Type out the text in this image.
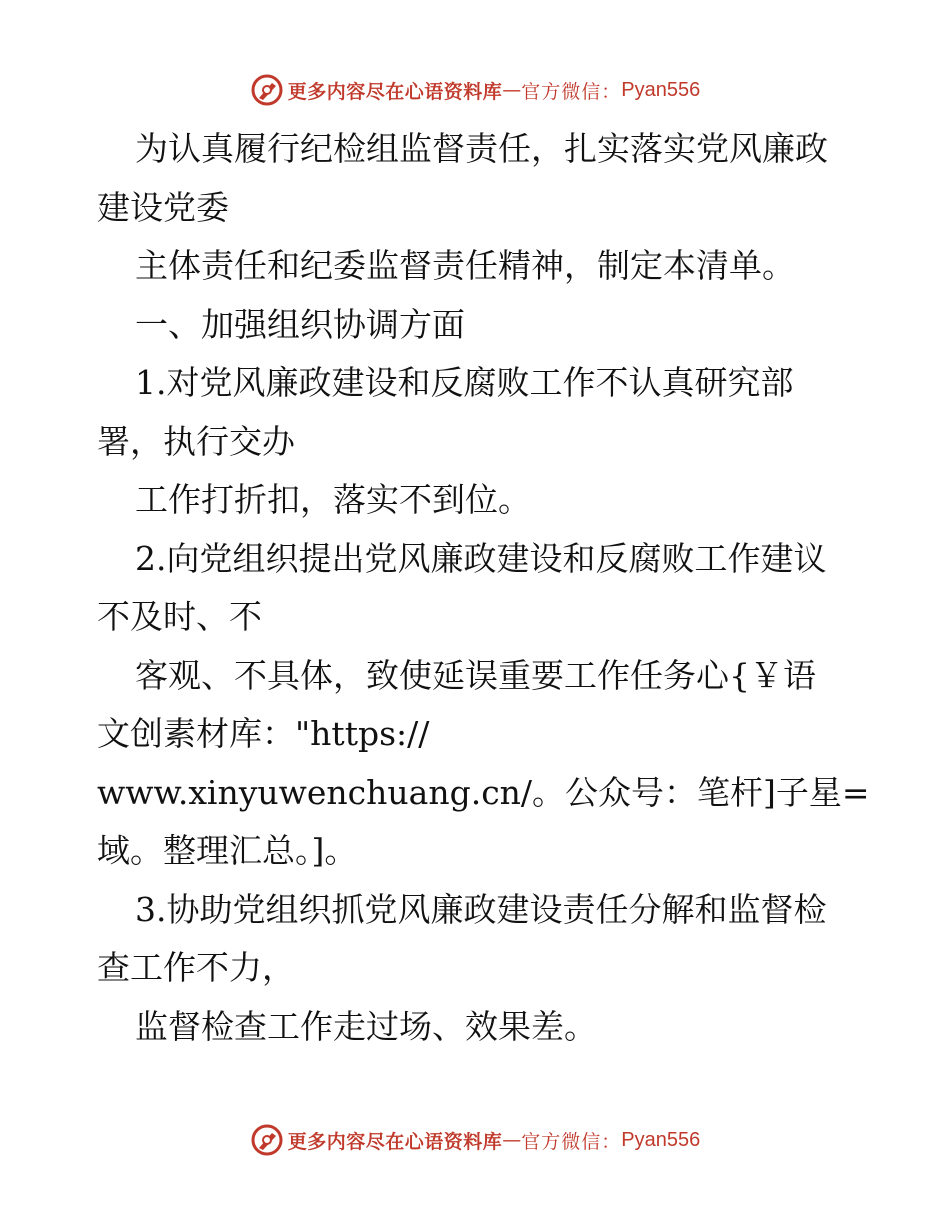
更多内容尽在心语资料库 — 官方微信： Pyan556
为认真履行纪检组监督责任，扎实落实党风廉政
建设党委
主体责任和纪委监督责任精神，制定本清单。
一、加强组织协调方面
1.对党风廉政建设和反腐败工作不认真研究部
署，执行交办
工作打折扣，落实不到位。
2.向党组织提出党风廉政建设和反腐败工作建议
不及时、不
客观、不具体，致使延误重要工作任务心{￥语
文创素材库："https://
www.xinyuwenchuang.cn/。公众号：笔杆]子星=
域。整理汇总。]。
3.协助党组织抓党风廉政建设责任分解和监督检
查工作不力，
监督检查工作走过场、效果差。
更多内容尽在心语资料库 — 官方微信： Pyan556
